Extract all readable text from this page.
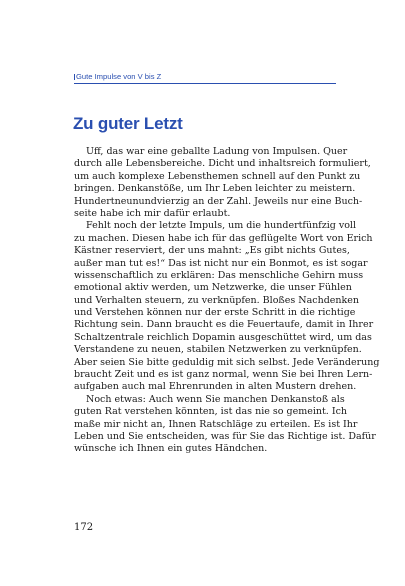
Gute Impulse von V bis Z
Zu guter Letzt

Uff, das war eine geballte Ladung von Impulsen. Quer
durch alle Lebensbereiche. Dicht und inhaltsreich formuliert,
um auch komplexe Lebensthemen schnell auf den Punkt zu
bringen. Denkanstöße, um Ihr Leben leichter zu meistern.
Hundertneunundvierzig an der Zahl. Jeweils nur eine Buch-
seite habe ich mir dafür erlaubt.

Fehlt noch der letzte Impuls, um die hundertfünfzig voll
zu machen. Diesen habe ich für das geflügelte Wort von Erich
Kästner reserviert, der uns mahnt: „Es gibt nichts Gutes,
außer man tut es!“ Das ist nicht nur ein Bonmot, es ist sogar
wissenschaftlich zu erklären: Das menschliche Gehirn muss
emotional aktiv werden, um Netzwerke, die unser Fühlen
und Verhalten steuern, zu verknüpfen. Bloßes Nachdenken
und Verstehen können nur der erste Schritt in die richtige
Richtung sein. Dann braucht es die Feuertaufe, damit in Ihrer
Schaltzentrale reichlich Dopamin ausgeschüttet wird, um das
Verstandene zu neuen, stabilen Netzwerken zu verknüpfen.
Aber seien Sie bitte geduldig mit sich selbst. Jede Veränderung
braucht Zeit und es ist ganz normal, wenn Sie bei Ihren Lern-
aufgaben auch mal Ehrenrunden in alten Mustern drehen.

Noch etwas: Auch wenn Sie manchen Denkanstoß als
guten Rat verstehen könnten, ist das nie so gemeint. Ich
maße mir nicht an, Ihnen Ratschläge zu erteilen. Es ist Ihr
Leben und Sie entscheiden, was für Sie das Richtige ist. Dafür
wünsche ich Ihnen ein gutes Händchen.

172
